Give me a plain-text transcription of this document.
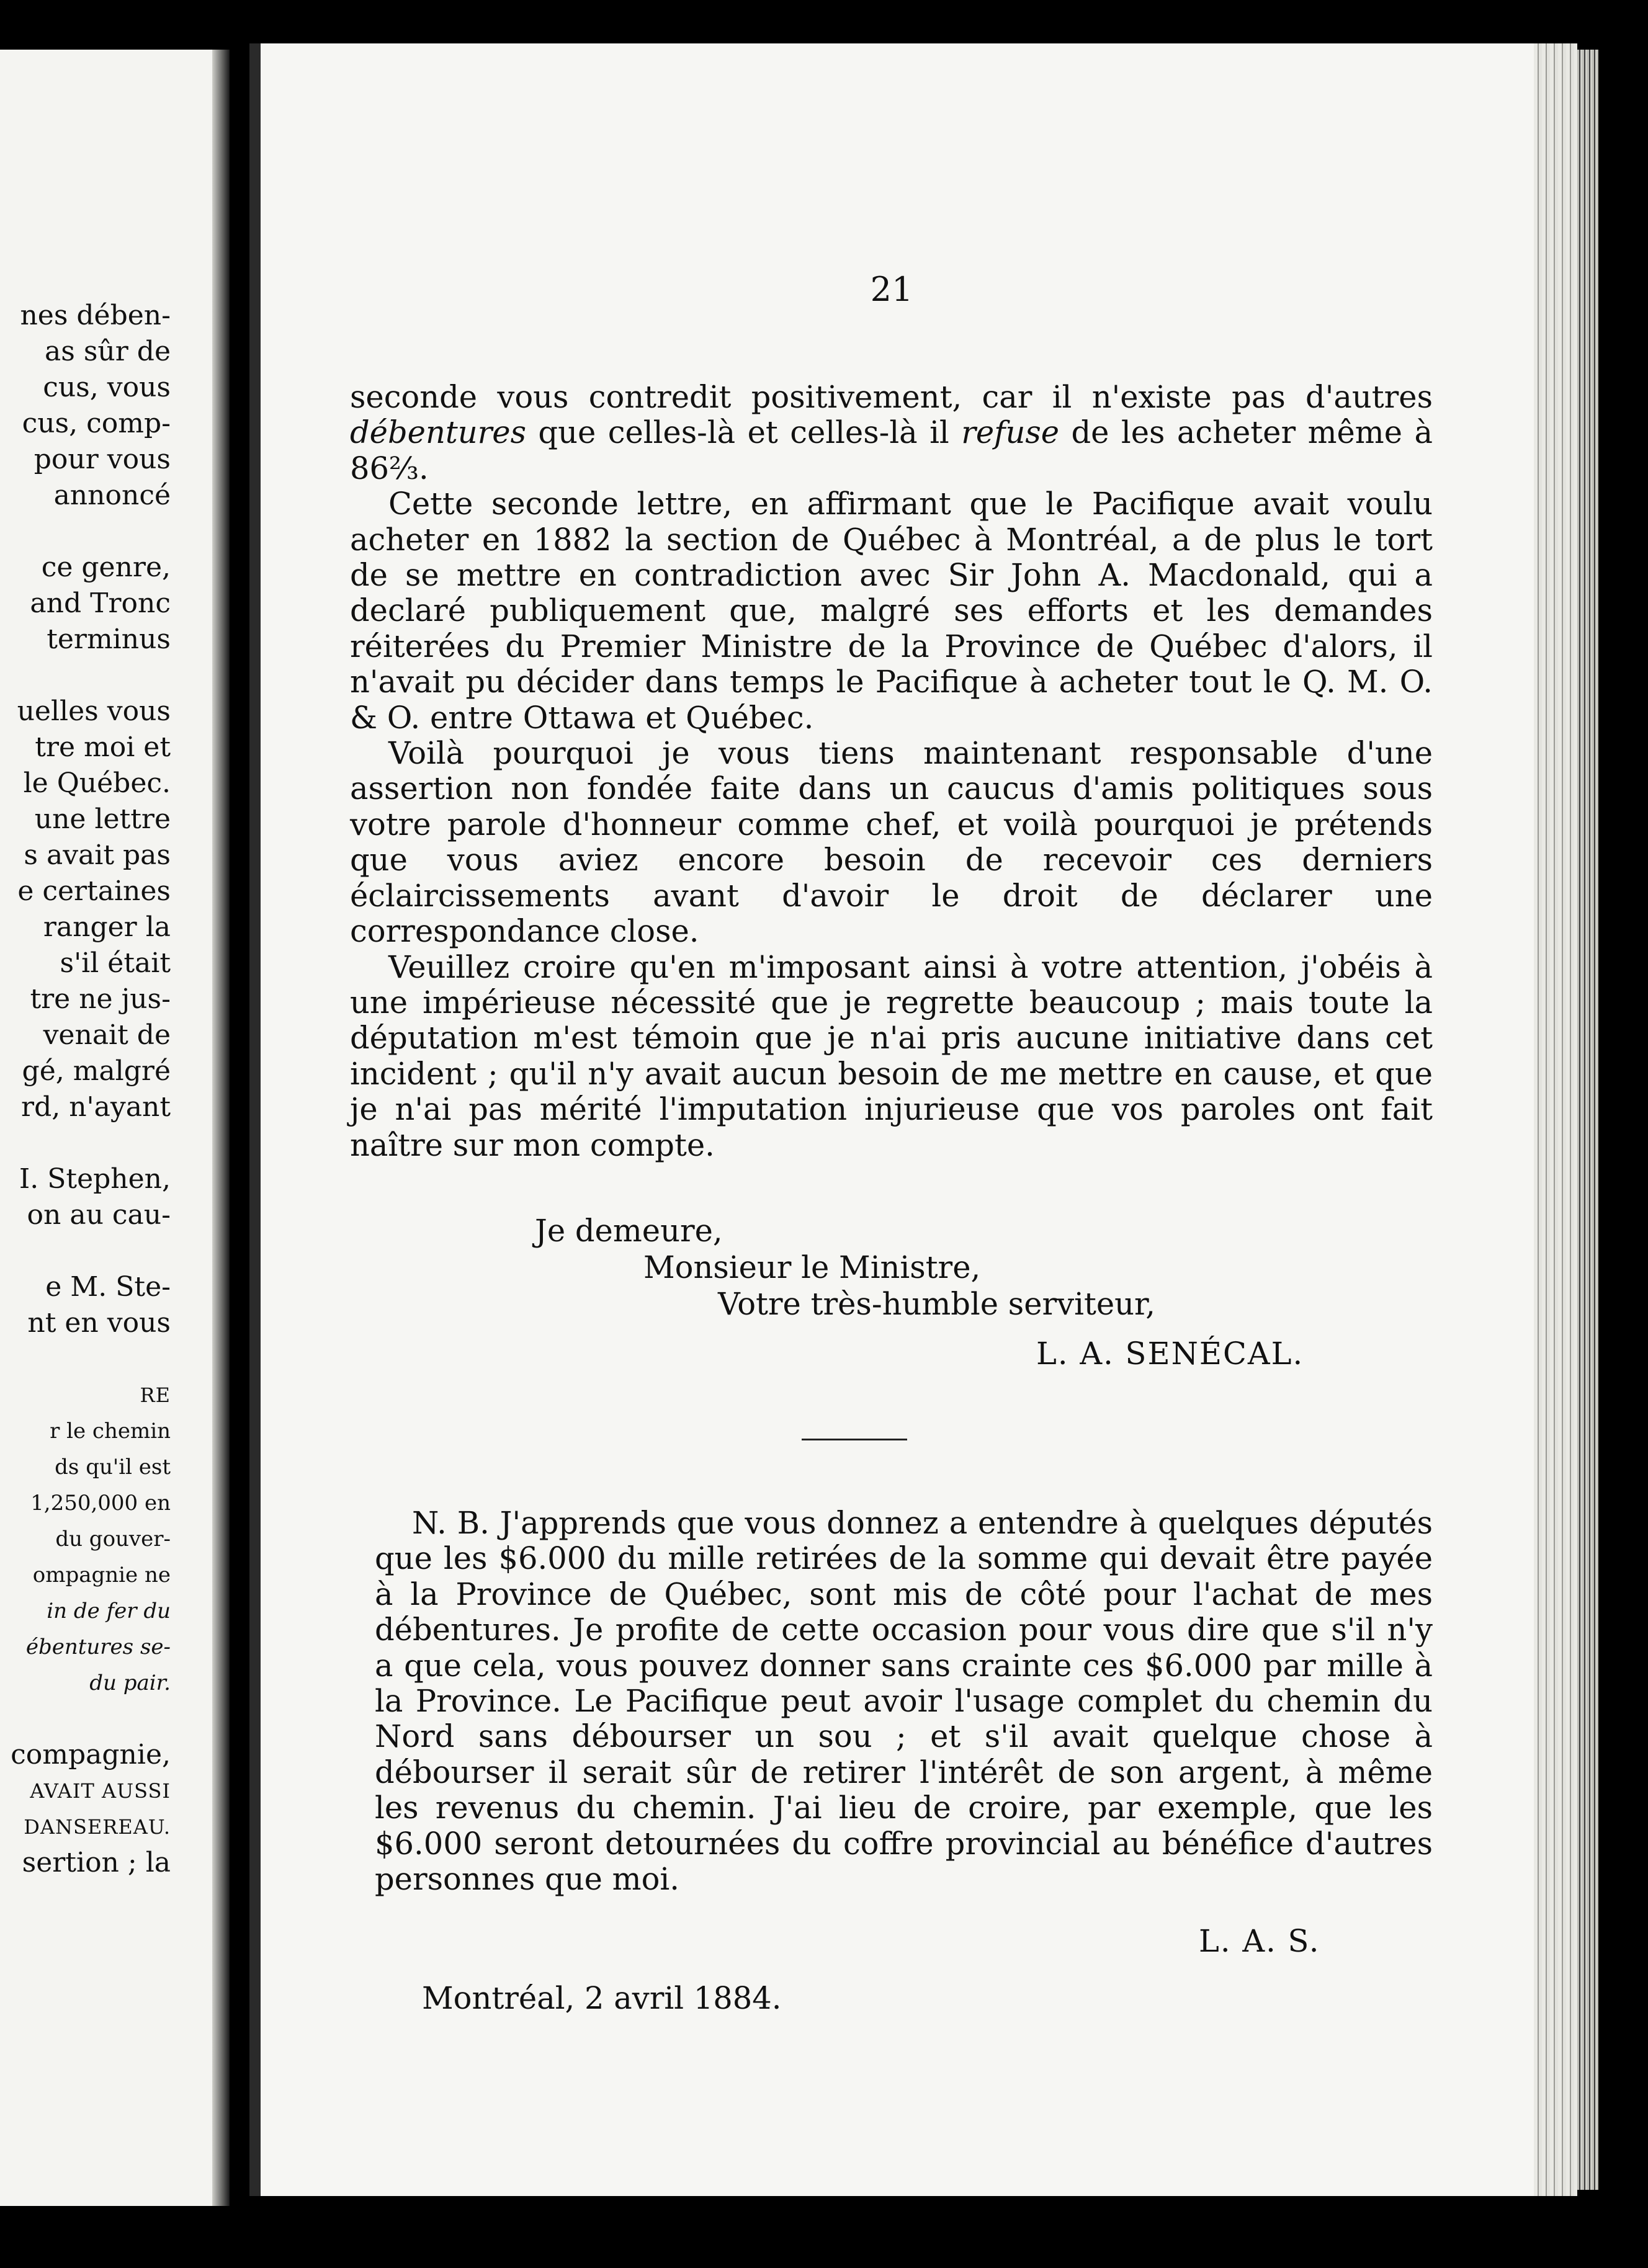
nes dében-
as sûr de
cus, vous
cus, comp-
pour vous
annoncé
ce genre,
and Tronc
terminus
uelles vous
tre moi et
le Québec.
une lettre
s avait pas
e certaines
ranger la
s'il était
tre ne jus-
venait de
gé, malgré
rd, n'ayant
I. Stephen,
on au cau-
e M. Ste-
nt en vous
RE
r le chemin
ds qu'il est
1,250,000 en
du gouver-
ompagnie ne
in de fer du
ébentures se-
du pair.
compagnie,
AVAIT AUSSI
DANSEREAU.
sertion ; la
21

seconde vous contredit positivement, car il n'existe pas d'autres débentures que celles-là et celles-là il refuse de les acheter même à 86⅔.

Cette seconde lettre, en affirmant que le Pacifique avait voulu acheter en 1882 la section de Québec à Montréal, a de plus le tort de se mettre en contradiction avec Sir John A. Macdonald, qui a declaré publiquement que, malgré ses efforts et les demandes réiterées du Premier Ministre de la Province de Québec d'alors, il n'avait pu décider dans temps le Pacifique à acheter tout le Q. M. O. & O. entre Ottawa et Québec.

Voilà pourquoi je vous tiens maintenant responsable d'une assertion non fondée faite dans un caucus d'amis politiques sous votre parole d'honneur comme chef, et voilà pourquoi je prétends que vous aviez encore besoin de recevoir ces derniers éclaircissements avant d'avoir le droit de déclarer une correspondance close.

Veuillez croire qu'en m'imposant ainsi à votre attention, j'obéis à une impérieuse nécessité que je regrette beaucoup ; mais toute la députation m'est témoin que je n'ai pris aucune initiative dans cet incident ; qu'il n'y avait aucun besoin de me mettre en cause, et que je n'ai pas mérité l'imputation injurieuse que vos paroles ont fait naître sur mon compte.

Je demeure,
Monsieur le Ministre,
Votre très-humble serviteur,
L. A. SENÉCAL.

N. B. J'apprends que vous donnez a entendre à quelques députés que les $6.000 du mille retirées de la somme qui devait être payée à la Province de Québec, sont mis de côté pour l'achat de mes débentures. Je profite de cette occasion pour vous dire que s'il n'y a que cela, vous pouvez donner sans crainte ces $6.000 par mille à la Province. Le Pacifique peut avoir l'usage complet du chemin du Nord sans débourser un sou ; et s'il avait quelque chose à débourser il serait sûr de retirer l'intérêt de son argent, à même les revenus du chemin. J'ai lieu de croire, par exemple, que les $6.000 seront detournées du coffre provincial au bénéfice d'autres personnes que moi.

L. A. S.
Montréal, 2 avril 1884.
